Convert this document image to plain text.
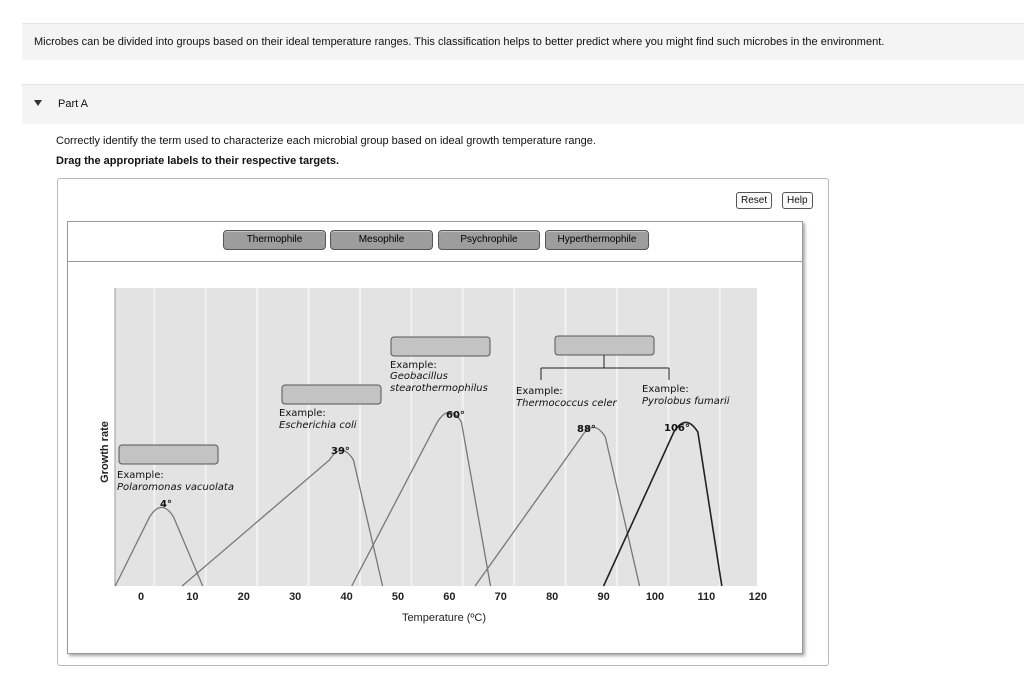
Microbes can be divided into groups based on their ideal temperature ranges. This classification helps to better predict where you might find such microbes in the environment.
Part A
Correctly identify the term used to characterize each microbial group based on ideal growth temperature range.
Drag the appropriate labels to their respective targets.
Reset	Help
Thermophile	Mesophile	Psychrophile	Hyperthermophile
0	10	20	30	40	50	60	70	80	90	100	110	120
Temperature (ºC)
Growth rate Example:
Polaromonas vacuolata
4°
Example:
Escherichia coli
39°
Example:
Geobacillus
stearothermophilus
60°
Example:
Thermococcus celer
88°
Example:
Pyrolobus fumarii
106°
